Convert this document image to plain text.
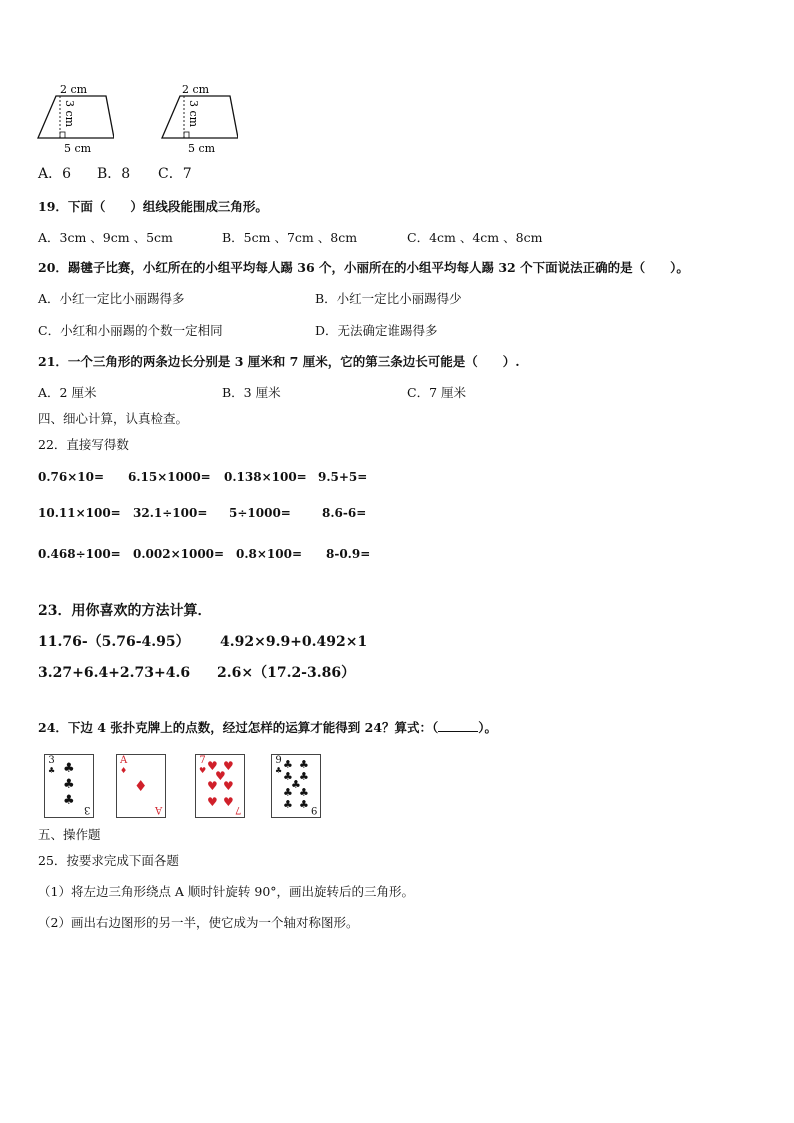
2 cm
3 cm
5 cm
2 cm
3 cm
5 cm
A．6 B．8 C．7
19．下面（　　）组线段能围成三角形。
A．3cm 、9cm 、5cm	B．5cm 、7cm 、8cm	C．4cm 、4cm 、8cm
20．踢毽子比赛，小红所在的小组平均每人踢 36 个，小丽所在的小组平均每人踢 32 个下面说法正确的是（　　）。
A．小红一定比小丽踢得多	B．小红一定比小丽踢得少
C．小红和小丽踢的个数一定相同	D．无法确定谁踢得多
21．一个三角形的两条边长分别是 3 厘米和 7 厘米，它的第三条边长可能是（　　）.
A．2 厘米	B．3 厘米	C．7 厘米
四、细心计算，认真检查。
22．直接写得数
0.76×10= 6.15×1000= 0.138×100= 9.5+5=
10.11×100= 32.1÷100= 5÷1000=	8.6-6=
0.468÷100= 0.002×1000= 0.8×100= 8-0.9=
23．用你喜欢的方法计算．
11.76-（5.76-4.95） 4.92×9.9+0.492×1
3.27+6.4+2.73+4.6 2.6×（17.2-3.86）
24．下边 4 张扑克牌上的点数，经过怎样的运算才能得到 24？算式：（	）。
3
♣ ♣
♣
♣
3
A
♦
♦
A
7
♥ ♥ ♥
♥
♥ ♥
♥ ♥
7
9
♣ ♣ ♣
♣ ♣
♣
♣ ♣
♣ ♣ 9
五、操作题
25．按要求完成下面各题
（1）将左边三角形绕点 A 顺时针旋转 90°，画出旋转后的三角形。
（2）画出右边图形的另一半，使它成为一个轴对称图形。
